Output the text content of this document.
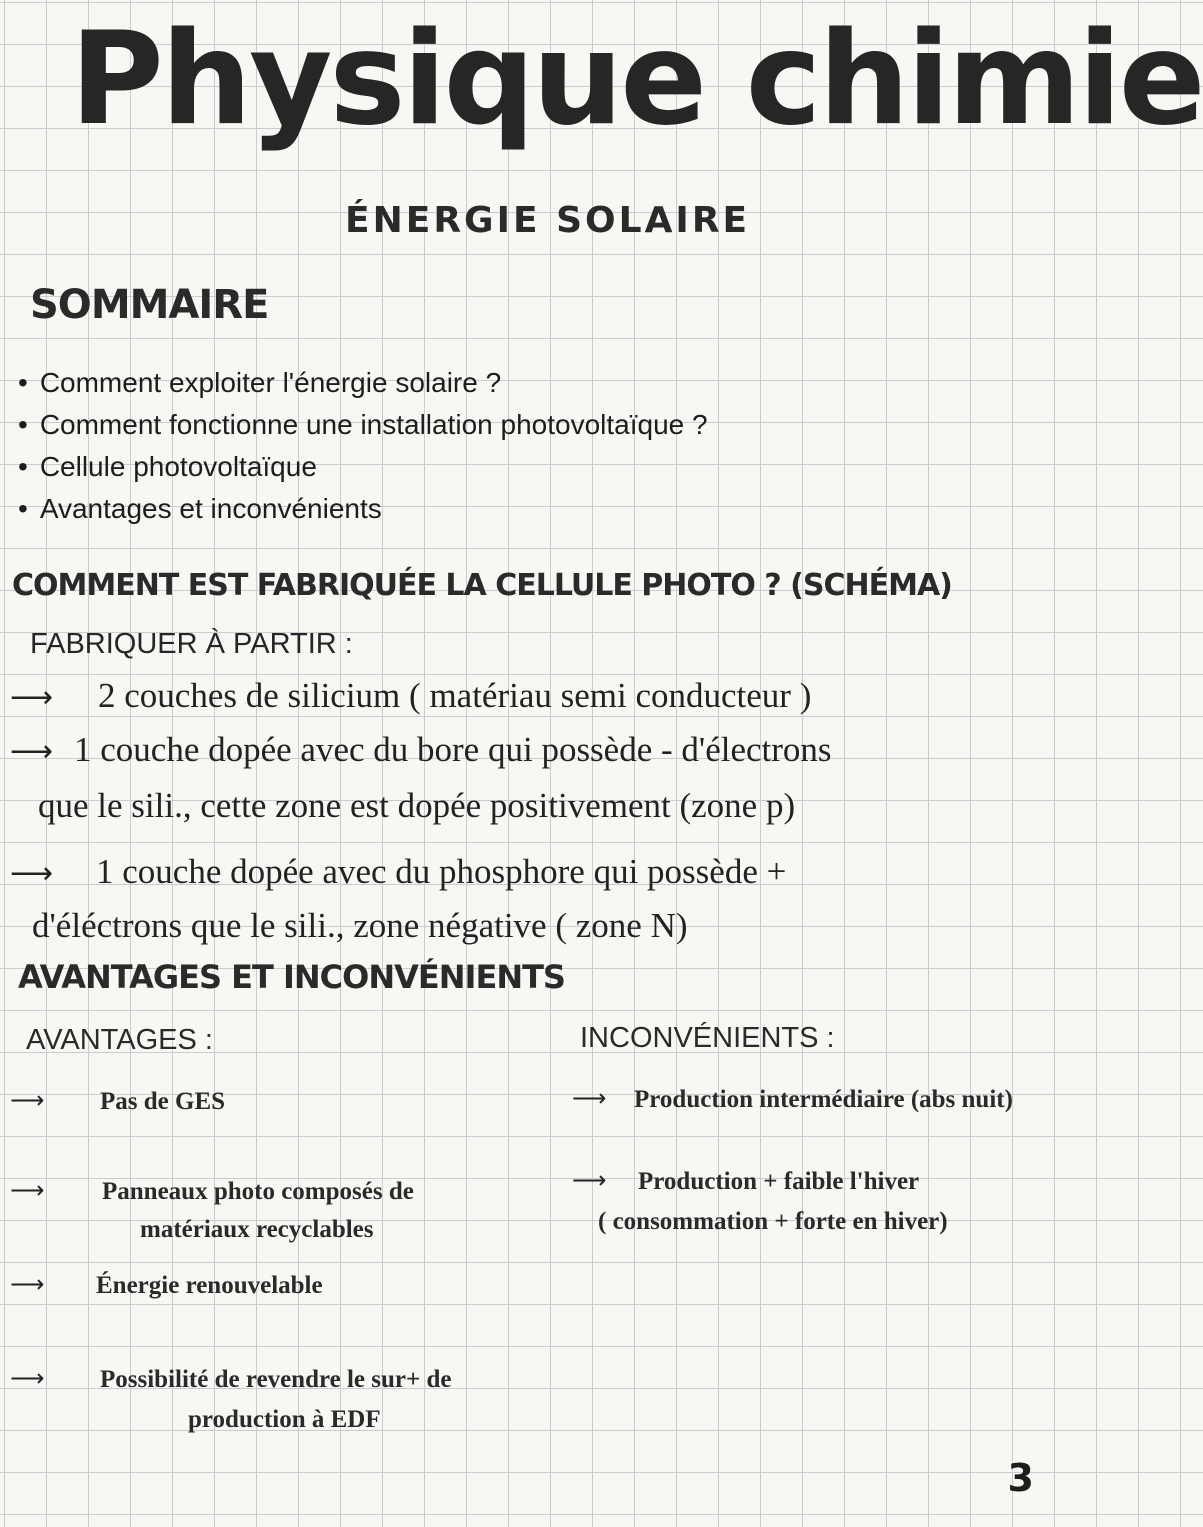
Physique chimie
ÉNERGIE SOLAIRE
SOMMAIRE
• Comment exploiter l'énergie solaire ?
• Comment fonctionne une installation photovoltaïque ?
• Cellule photovoltaïque
• Avantages et inconvénients
COMMENT EST FABRIQUÉE LA CELLULE PHOTO ? (SCHÉMA)
FABRIQUER À PARTIR :
⟶ 2 couches de silicium ( matériau semi conducteur )
⟶ 1 couche dopée avec du bore qui possède - d'électrons
que le sili., cette zone est dopée positivement (zone p)
⟶ 1 couche dopée avec du phosphore qui possède +
d'éléctrons que le sili., zone négative ( zone N)
AVANTAGES ET INCONVÉNIENTS
AVANTAGES :	INCONVÉNIENTS :
⟶ Pas de GES
⟶ Panneaux photo composés de
matériaux recyclables
⟶ Énergie renouvelable
⟶ Possibilité de revendre le sur+ de
production à EDF
⟶ Production intermédiaire (abs nuit)
⟶ Production + faible l'hiver
( consommation + forte en hiver)
3
